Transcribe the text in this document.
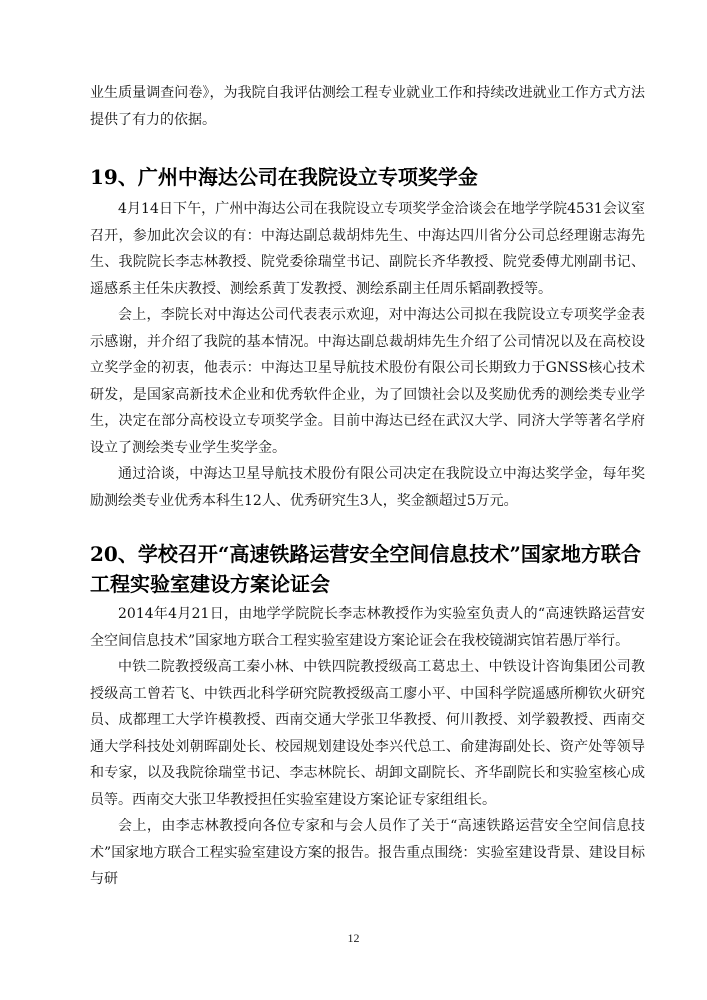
业生质量调查问卷》，为我院自我评估测绘工程专业就业工作和持续改进就业工作方式方法提供了有力的依据。

19、广州中海达公司在我院设立专项奖学金

4月14日下午，广州中海达公司在我院设立专项奖学金洽谈会在地学学院4531会议室召开，参加此次会议的有：中海达副总裁胡炜先生、中海达四川省分公司总经理谢志海先生、我院院长李志林教授、院党委徐瑞堂书记、副院长齐华教授、院党委傅尤刚副书记、遥感系主任朱庆教授、测绘系黄丁发教授、测绘系副主任周乐韬副教授等。

会上，李院长对中海达公司代表表示欢迎，对中海达公司拟在我院设立专项奖学金表示感谢，并介绍了我院的基本情况。中海达副总裁胡炜先生介绍了公司情况以及在高校设立奖学金的初衷，他表示：中海达卫星导航技术股份有限公司长期致力于GNSS核心技术研发，是国家高新技术企业和优秀软件企业，为了回馈社会以及奖励优秀的测绘类专业学生，决定在部分高校设立专项奖学金。目前中海达已经在武汉大学、同济大学等著名学府设立了测绘类专业学生奖学金。

通过洽谈，中海达卫星导航技术股份有限公司决定在我院设立中海达奖学金，每年奖励测绘类专业优秀本科生12人、优秀研究生3人，奖金额超过5万元。

20、学校召开“高速铁路运营安全空间信息技术”国家地方联合工程实验室建设方案论证会

2014年4月21日，由地学学院院长李志林教授作为实验室负责人的“高速铁路运营安全空间信息技术”国家地方联合工程实验室建设方案论证会在我校镜湖宾馆若愚厅举行。

中铁二院教授级高工秦小林、中铁四院教授级高工葛忠土、中铁设计咨询集团公司教授级高工曾若飞、中铁西北科学研究院教授级高工廖小平、中国科学院遥感所柳钦火研究员、成都理工大学许模教授、西南交通大学张卫华教授、何川教授、刘学毅教授、西南交通大学科技处刘朝晖副处长、校园规划建设处李兴代总工、俞建海副处长、资产处等领导和专家，以及我院徐瑞堂书记、李志林院长、胡卸文副院长、齐华副院长和实验室核心成员等。西南交大张卫华教授担任实验室建设方案论证专家组组长。

会上，由李志林教授向各位专家和与会人员作了关于“高速铁路运营安全空间信息技术”国家地方联合工程实验室建设方案的报告。报告重点围绕：实验室建设背景、建设目标与研

12
